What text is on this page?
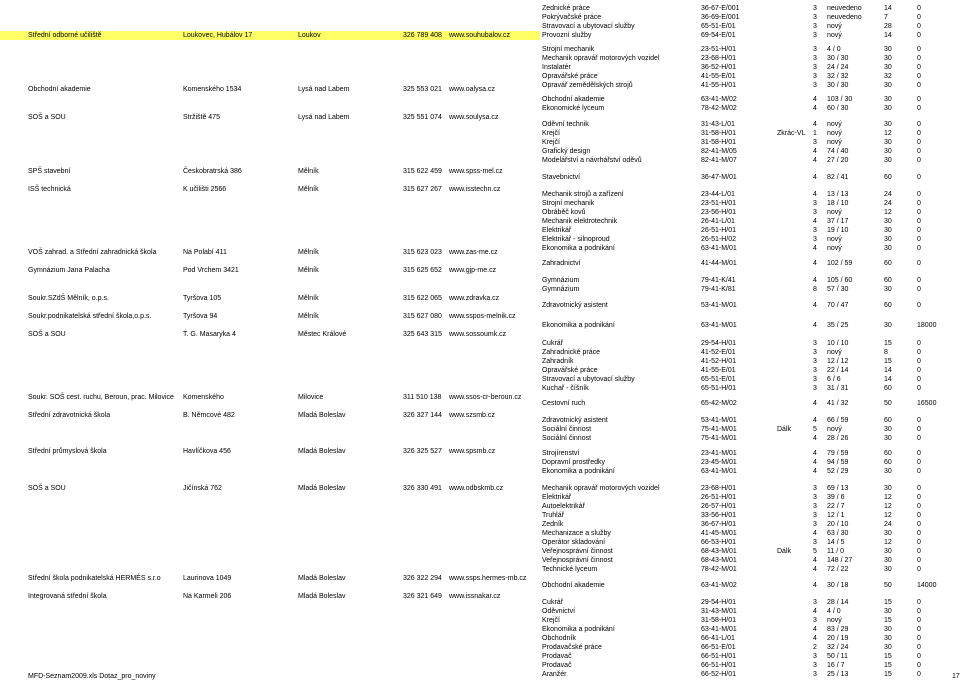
Střední odborné učiliště	Loukovec, Hubálov 17	Loukov	326 789 408 www.souhubalov.cz
Obchodní akademie	Komenského 1534	Lysá nad Labem	325 553 021 www.oalysa.cz
SOŠ a SOU	Stržiště 475	Lysá nad Labem	325 551 074 www.soulysa.cz
SPŠ stavební	Českobratrská 386	Mělník	315 622 459 www.spss-mel.cz
ISŠ technická	K učilišti 2566	Mělník	315 627 267 www.isstechn.cz
VOŠ zahrad. a Střední zahradnická škola	Na Polabí 411	Mělník	315 623 023 www.zas-me.cz
Gymnázium Jana Palacha	Pod Vrchem 3421	Mělník	315 625 652 www.gjp-me.cz
Soukr.SZdŠ Mělník, o.p.s.	Tyršova 105	Mělník	315 622 065 www.zdravka.cz
Soukr.podnikatelská střední škola,o.p.s.	Tyršova 94	Mělník	315 627 080 www.sspos-melnik.cz
SOŠ a SOU	T. G. Masaryka 4	Městec Králové	325 643 315 www.sossoumk.cz
Soukr. SOŠ cest. ruchu, Beroun, prac. Milovice Komenského	Milovice	311 510 138 www.ssos-cr-beroun.cz
Střední zdravotnická škola	B. Němcové 482	Mladá Boleslav	326 327 144 www.szsmb.cz
Střední průmyslová škola	Havlíčkova 456	Mladá Boleslav	326 325 527 www.spsmb.cz
SOŠ a SOU	Jičínská 762	Mladá Boleslav	326 330 491 www.odbskmb.cz
Střední škola podnikatelská HERMÉS s.r.o	Laurinova 1049	Mladá Boleslav	326 322 294 www.ssps.hermes-mb.cz
Integrovaná střední škola	Na Karmeli 206	Mladá Boleslav	326 321 649 www.issnakar.cz
Zednické práce	36-67-E/001	3 neuvedeno	14	0
Pokrývačské práce	36-69-E/001	3 neuvedeno	7	0
Stravovací a ubytovací služby	65-51-E/01	3 nový	28	0
Provozní služby	69-54-E/01	3 nový	14	0
Strojní mechanik	23-51-H/01	3 4 / 0	30	0
Mechanik opravář motorových vozidel	23-68-H/01	3 30 / 30	30	0
Instalatér	36-52-H/01	3 24 / 24	30	0
Opravářské práce	41-55-E/01	3 32 / 32	32	0
Opravář zemědělských strojů	41-55-H/01	3 30 / 30	30	0
Obchodní akademie	63-41-M/02	4 103 / 30	30	0
Ekonomické lyceum	78-42-M/02	4 60 / 30	30	0
Oděvní technik	31-43-L/01	4 nový	30	0
Krejčí	31-58-H/01	Zkrác-VL 1 nový	12	0
Krejčí	31-58-H/01	3 nový	30	0
Grafický design	82-41-M/05	4 74 / 40	30	0
Modelářství a návrhářství oděvů	82-41-M/07	4 27 / 20	30	0
Stavebnictví	36-47-M/01	4 82 / 41	60	0
Mechanik strojů a zařízení	23-44-L/01	4 13 / 13	24	0
Strojní mechanik	23-51-H/01	3 18 / 10	24	0
Obráběč kovů	23-56-H/01	3 nový	12	0
Mechanik elektrotechnik	26-41-L/01	4 37 / 17	30	0
Elektrikář	26-51-H/01	3 19 / 10	30	0
Elektrikář - silnoproud	26-51-H/02	3 nový	30	0
Ekonomika a podnikání	63-41-M/01	4 nový	30	0
Zahradnictví	41-44-M/01	4 102 / 59	60	0
Gymnázium	79-41-K/41	4 105 / 60	60	0
Gymnázium	79-41-K/81	8 57 / 30	30	0
Zdravotnický asistent	53-41-M/01	4 70 / 47	60	0
Ekonomika a podnikání	63-41-M/01	4 35 / 25	30	18000
Cukrář	29-54-H/01	3 10 / 10	15	0
Zahradnické práce	41-52-E/01	3 nový	8	0
Zahradník	41-52-H/01	3 12 / 12	15	0
Opravářské práce	41-55-E/01	3 22 / 14	14	0
Stravovací a ubytovací služby	65-51-E/01	3 6 / 6	14	0
Kuchař - číšník	65-51-H/01	3 31 / 31	60	0
Cestovní ruch	65-42-M/02	4 41 / 32	50	16500
Zdravotnický asistent	53-41-M/01	4 66 / 59	60	0
Sociální činnost	75-41-M/01	Dálk	5 nový	30	0
Sociální činnost	75-41-M/01	4 28 / 26	30	0
Strojírenství	23-41-M/01	4 79 / 59	60	0
Dopravní prostředky	23-45-M/01	4 94 / 59	60	0
Ekonomika a podnikání	63-41-M/01	4 52 / 29	30	0
Mechanik opravář motorových vozidel	23-68-H/01	3 69 / 13	30	0
Elektrikář	26-51-H/01	3 39 / 6	12	0
Autoelektrikář	26-57-H/01	3 22 / 7	12	0
Truhlář	33-56-H/01	3 12 / 1	12	0
Zedník	36-67-H/01	3 20 / 10	24	0
Mechanizace a služby	41-45-M/01	4 63 / 30	30	0
Operátor skladování	66-53-H/01	3 14 / 5	12	0
Veřejnosprávní činnost	68-43-M/01	Dálk	5 11 / 0	30	0
Veřejnosprávní činnost	68-43-M/01	4 148 / 27	30	0
Technické lyceum	78-42-M/01	4 72 / 22	30	0
Obchodní akademie	63-41-M/02	4 30 / 18	50	14000
Cukrář	29-54-H/01	3 28 / 14	15	0
Oděvnictví	31-43-M/01	4 4 / 0	30	0
Krejčí	31-58-H/01	3 nový	15	0
Ekonomika a podnikání	63-41-M/01	4 83 / 29	30	0
Obchodník	66-41-L/01	4 20 / 19	30	0
Prodavačské práce	66-51-E/01	2 32 / 24	30	0
Prodavač	66-51-H/01	3 50 / 11	15	0
Prodavač	66-51-H/01	3 16 / 7	15	0
Aranžér	66-52-H/01	3 25 / 13	15	0
MFD-Seznam2009.xls Dotaz_pro_noviny	17
